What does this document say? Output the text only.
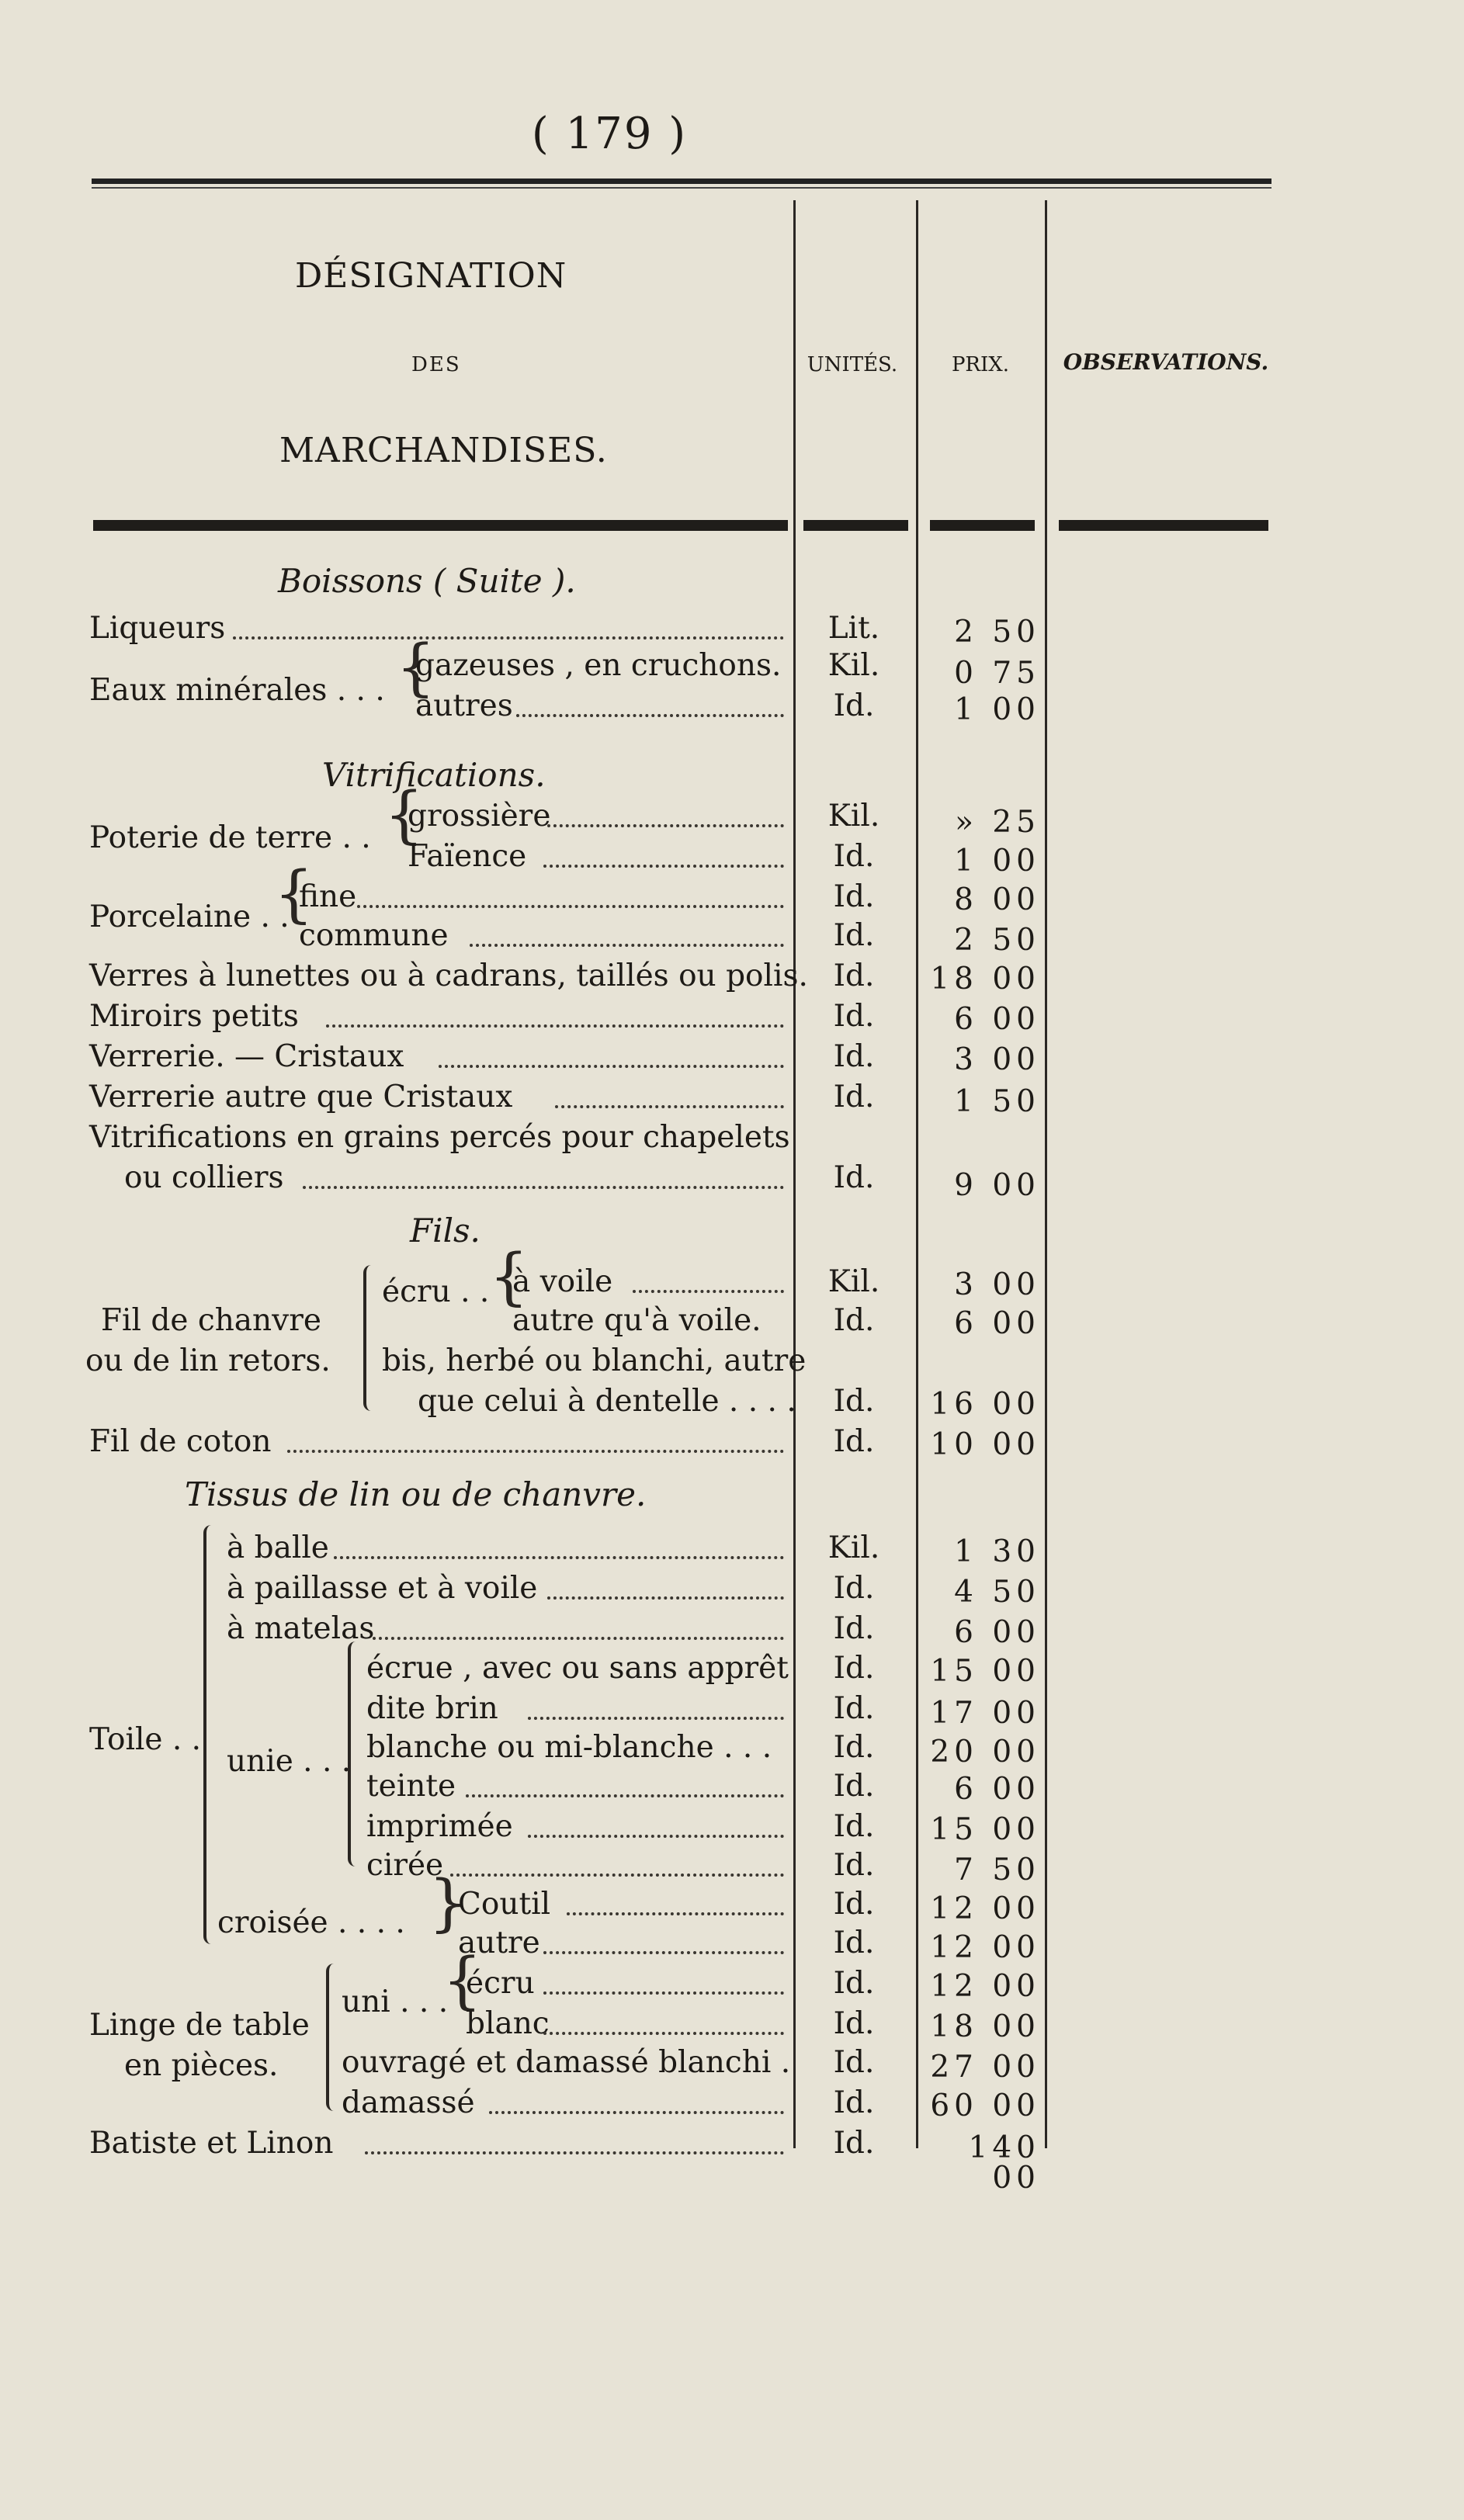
( 179 )
DÉSIGNATION
DES
MARCHANDISES.
UNITÉS.	PRIX.	OBSERVATIONS.
Boissons ( Suite ).
Liqueurs	Lit.	2 50
Eaux minérales . . . {
gazeuses , en cruchons.	Kil.	0 75
autres	Id.	1 00
Vitrifications.
Poterie de terre . . {
grossière	Kil.	» 25
Faïence	Id.	1 00
Porcelaine . .
{
fine	Id.	8 00
commune	Id.	2 50
Verres à lunettes ou à cadrans, taillés ou polis. Id.	18 00
Miroirs petits	Id.	6 00
Verrerie. — Cristaux	Id.	3 00
Verrerie autre que Cristaux	Id.	1 50
Vitrifications en grains percés pour chapelets
ou colliers	Id.	9 00
Fils.
Fil de chanvre
ou de lin retors.
écru . . {
à voile	Kil.	3 00
autre qu'à voile.	Id.	6 00
bis, herbé ou blanchi, autre
que celui à dentelle . . . .	Id.	16 00
Fil de coton	Id.	10 00
Tissus de lin ou de chanvre.
Toile . .
à balle	Kil.	1 30
à paillasse et à voile	Id.	4 50
à matelas	Id.	6 00
unie . . .
écrue , avec ou sans apprêt	Id.	15 00
dite brin	Id.	17 00
blanche ou mi-blanche . . .	Id.	20 00
teinte	Id.	6 00
imprimée	Id.	15 00
cirée	Id.	7 50
croisée . . . . }
Coutil	Id.	12 00
autre	Id.	12 00
Linge de table
en pièces.
uni . . .
{
écru	Id.	12 00
blanc	Id.	18 00
ouvragé et damassé blanchi .	Id.	27 00
damassé	Id.	60 00
Batiste et Linon	Id.	140 00
